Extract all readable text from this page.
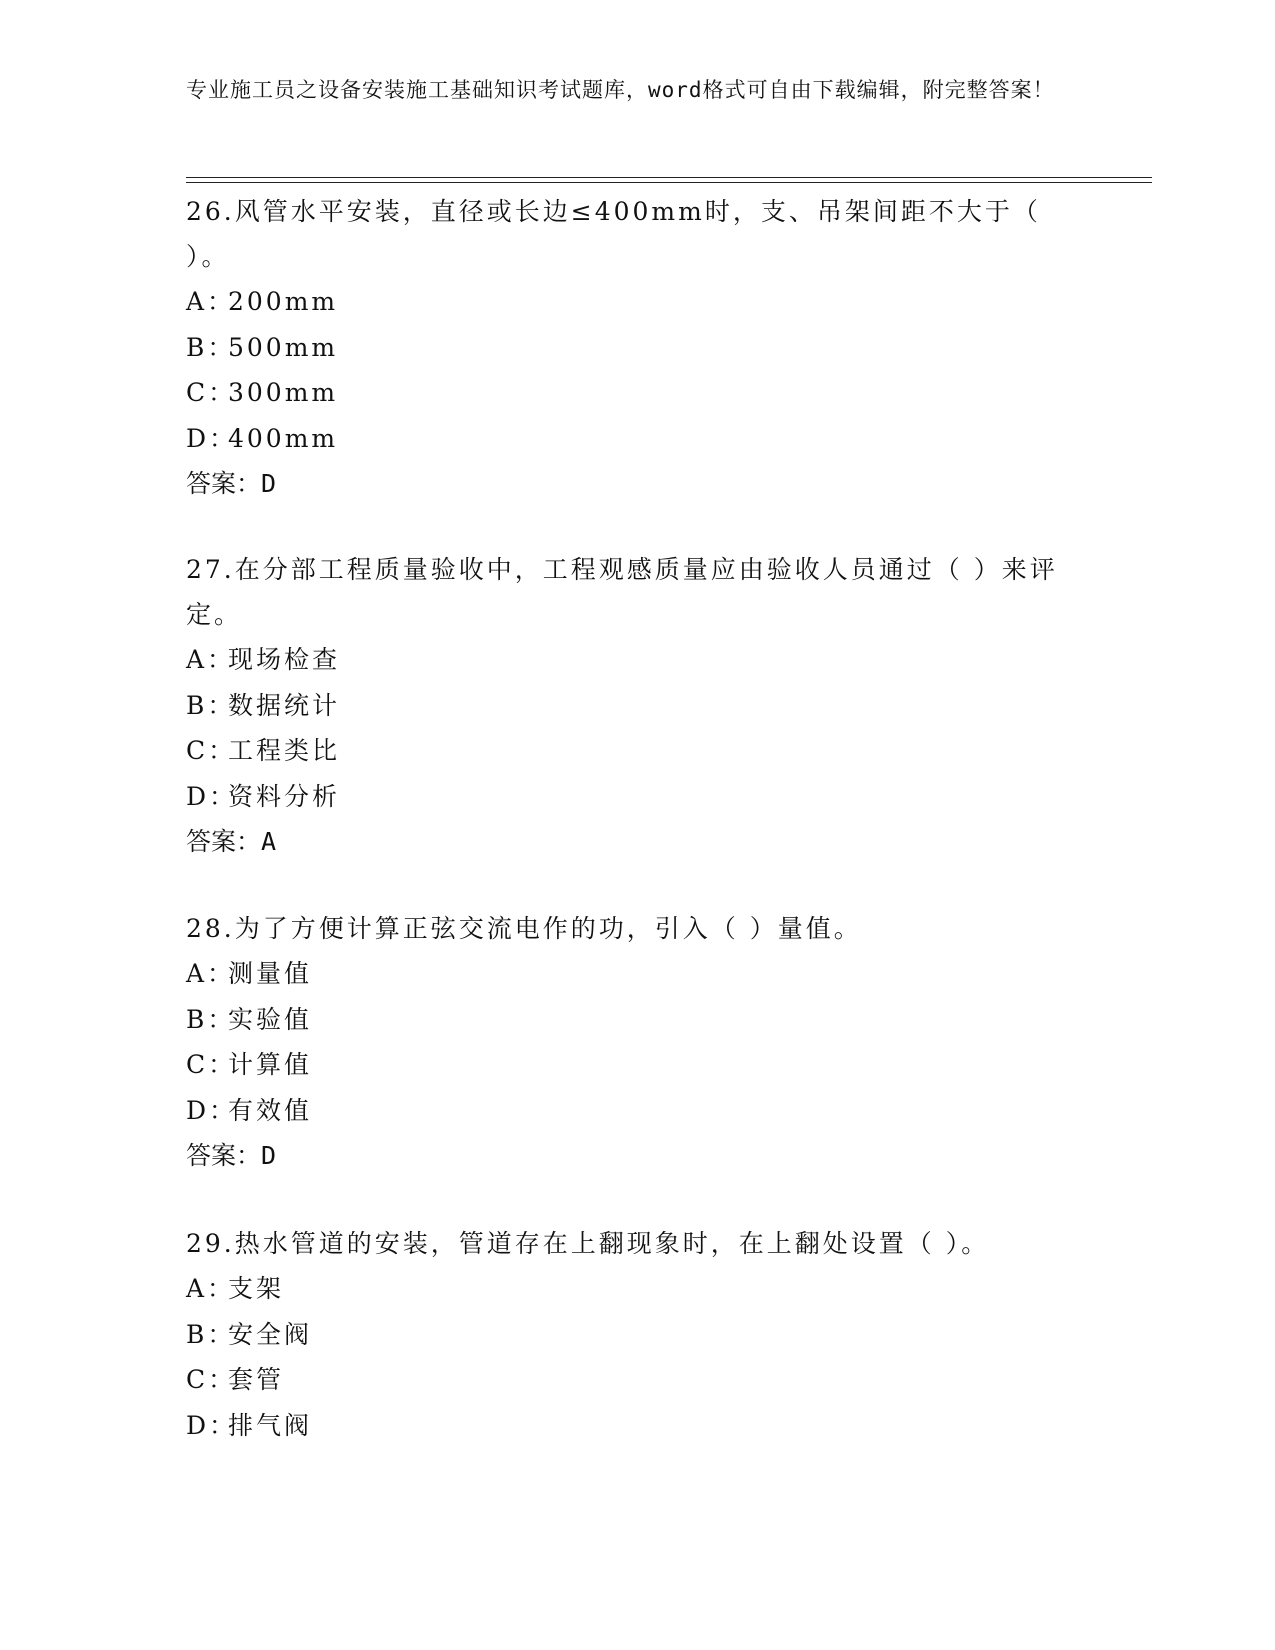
专业施工员之设备安装施工基础知识考试题库，word格式可自由下载编辑，附完整答案！
26.风管水平安装，直径或长边≤400mm时，支、吊架间距不大于（ ）。
A：200mm
B：500mm
C：300mm
D：400mm
答案：D
27.在分部工程质量验收中，工程观感质量应由验收人员通过（ ）来评定。
A：现场检查
B：数据统计
C：工程类比
D：资料分析
答案：A
28.为了方便计算正弦交流电作的功，引入（ ）量值。
A：测量值
B：实验值
C：计算值
D：有效值
答案：D
29.热水管道的安装，管道存在上翻现象时，在上翻处设置（ ）。
A：支架
B：安全阀
C：套管
D：排气阀
